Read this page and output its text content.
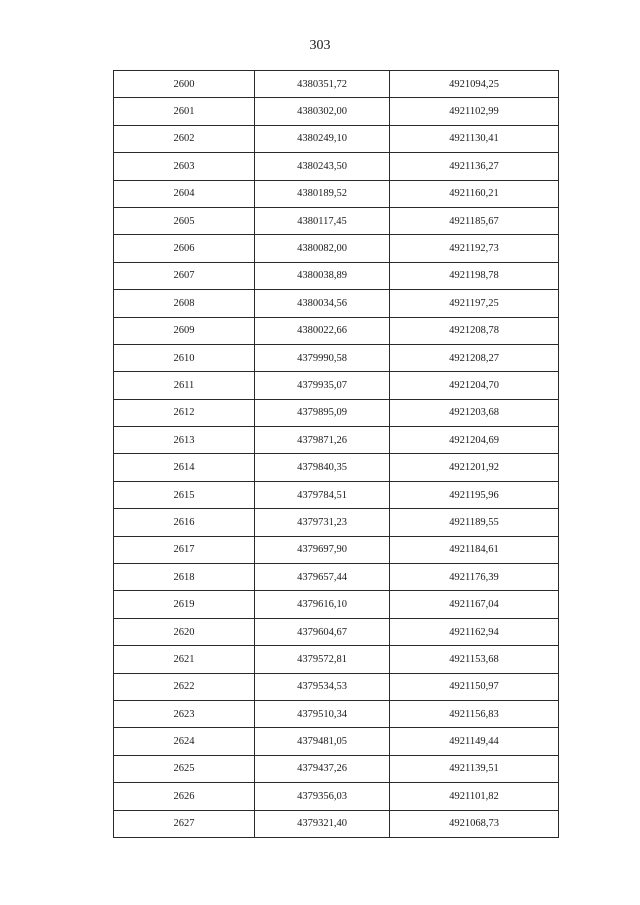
303
2600	4380351,72	4921094,25
2601	4380302,00	4921102,99
2602	4380249,10	4921130,41
2603	4380243,50	4921136,27
2604	4380189,52	4921160,21
2605	4380117,45	4921185,67
2606	4380082,00	4921192,73
2607	4380038,89	4921198,78
2608	4380034,56	4921197,25
2609	4380022,66	4921208,78
2610	4379990,58	4921208,27
2611	4379935,07	4921204,70
2612	4379895,09	4921203,68
2613	4379871,26	4921204,69
2614	4379840,35	4921201,92
2615	4379784,51	4921195,96
2616	4379731,23	4921189,55
2617	4379697,90	4921184,61
2618	4379657,44	4921176,39
2619	4379616,10	4921167,04
2620	4379604,67	4921162,94
2621	4379572,81	4921153,68
2622	4379534,53	4921150,97
2623	4379510,34	4921156,83
2624	4379481,05	4921149,44
2625	4379437,26	4921139,51
2626	4379356,03	4921101,82
2627	4379321,40	4921068,73
